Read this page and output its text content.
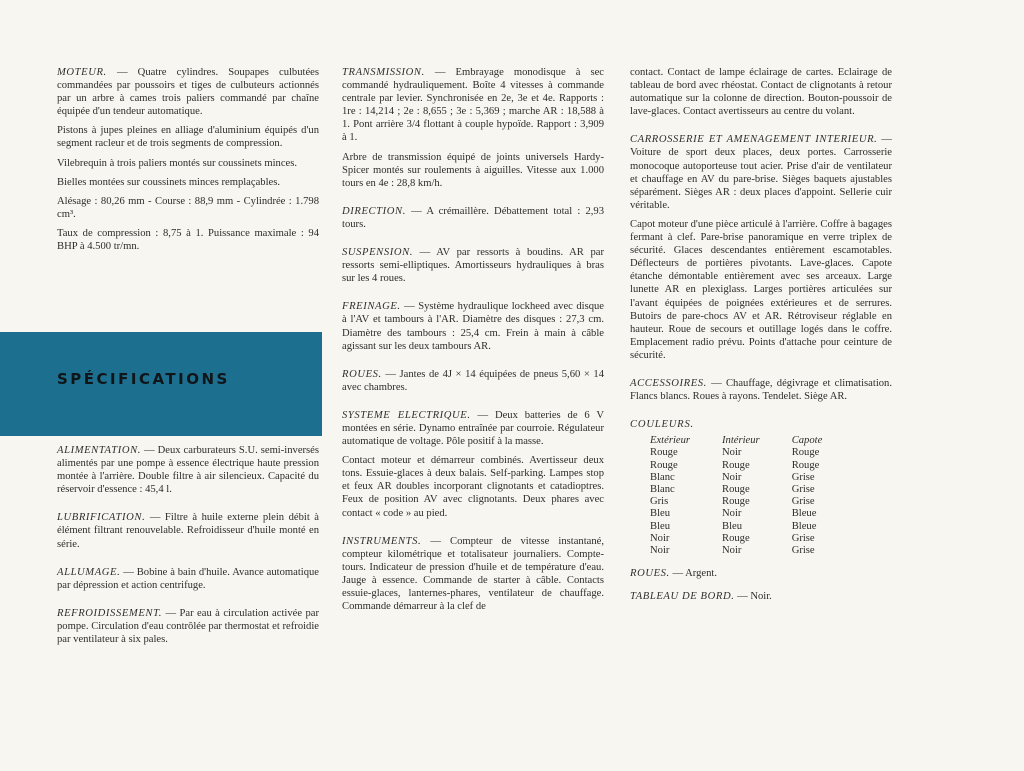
SPÉCIFICATIONS

MOTEUR. — Quatre cylindres. Soupapes culbutées commandées par poussoirs et tiges de culbuteurs actionnés par un arbre à cames trois paliers commandé par chaîne équipée d'un tendeur automatique.

Pistons à jupes pleines en alliage d'aluminium équipés d'un segment racleur et de trois segments de compression.

Vilebrequin à trois paliers montés sur coussinets minces.

Bielles montées sur coussinets minces remplaçables.

Alésage : 80,26 mm - Course : 88,9 mm - Cylindrée : 1.798 cm³.

Taux de compression : 8,75 à 1. Puissance maximale : 94 BHP à 4.500 tr/mn.

ALIMENTATION. — Deux carburateurs S.U. semi-inversés alimentés par une pompe à essence électrique haute pression montée à l'arrière. Double filtre à air silencieux. Capacité du réservoir d'essence : 45,4 l.

LUBRIFICATION. — Filtre à huile externe plein débit à élément filtrant renouvelable. Refroidisseur d'huile monté en série.

ALLUMAGE. — Bobine à bain d'huile. Avance automatique par dépression et action centrifuge.

REFROIDISSEMENT. — Par eau à circulation activée par pompe. Circulation d'eau contrôlée par thermostat et refroidie par ventilateur à six pales.

TRANSMISSION. — Embrayage monodisque à sec commandé hydrauliquement. Boîte 4 vitesses à commande centrale par levier. Synchronisée en 2e, 3e et 4e. Rapports : 1re : 14,214 ; 2e : 8,655 ; 3e : 5,369 ; marche AR : 18,588 à 1. Pont arrière 3/4 flottant à couple hypoïde. Rapport : 3,909 à 1.

Arbre de transmission équipé de joints universels Hardy-Spicer montés sur roulements à aiguilles. Vitesse aux 1.000 tours en 4e : 28,8 km/h.

DIRECTION. — A crémaillère. Débattement total : 2,93 tours.

SUSPENSION. — AV par ressorts à boudins. AR par ressorts semi-elliptiques. Amortisseurs hydrauliques à bras sur les 4 roues.

FREINAGE. — Système hydraulique lockheed avec disque à l'AV et tambours à l'AR. Diamètre des disques : 27,3 cm. Diamètre des tambours : 25,4 cm. Frein à main à câble agissant sur les deux tambours AR.

ROUES. — Jantes de 4J × 14 équipées de pneus 5,60 × 14 avec chambres.

SYSTEME ELECTRIQUE. — Deux batteries de 6 V montées en série. Dynamo entraînée par courroie. Régulateur automatique de voltage. Pôle positif à la masse.

Contact moteur et démarreur combinés. Avertisseur deux tons. Essuie-glaces à deux balais. Self-parking. Lampes stop et feux AR doubles incorporant clignotants et catadioptres. Feux de position AV avec clignotants. Deux phares avec contact « code » au pied.

INSTRUMENTS. — Compteur de vitesse instantané, compteur kilométrique et totalisateur journaliers. Compte-tours. Indicateur de pression d'huile et de température d'eau. Jauge à essence. Commande de starter à câble. Contacts essuie-glaces, lanternes-phares, ventilateur de chauffage. Commande démarreur à la clef de

contact. Contact de lampe éclairage de cartes. Eclairage de tableau de bord avec rhéostat. Contact de clignotants à retour automatique sur la colonne de direction. Bouton-poussoir de lave-glaces. Contact avertisseurs au centre du volant.

CARROSSERIE ET AMENAGEMENT INTERIEUR. — Voiture de sport deux places, deux portes. Carrosserie monocoque autoporteuse tout acier. Prise d'air de ventilateur et chauffage en AV du pare-brise. Sièges baquets ajustables séparément. Sièges AR : deux places d'appoint. Sellerie cuir véritable.

Capot moteur d'une pièce articulé à l'arrière. Coffre à bagages fermant à clef. Pare-brise panoramique en verre triplex de sécurité. Glaces descendantes entièrement escamotables. Déflecteurs de portières pivotants. Lave-glaces. Capote étanche démontable entièrement avec ses arceaux. Large lunette AR en plexiglass. Larges portières articulées sur l'avant équipées de poignées extérieures et de serrures. Butoirs de pare-chocs AV et AR. Rétroviseur réglable en hauteur. Roue de secours et outillage logés dans le coffre. Emplacement radio prévu. Points d'attache pour ceinture de sécurité.

ACCESSOIRES. — Chauffage, dégivrage et climatisation. Flancs blancs. Roues à rayons. Tendelet. Siège AR.

COULEURS.
Extérieur	Intérieur	Capote
Rouge	Noir	Rouge
Rouge	Rouge	Rouge
Blanc	Noir	Grise
Blanc	Rouge	Grise
Gris	Rouge	Grise
Bleu	Noir	Bleue
Bleu	Bleu	Bleue
Noir	Rouge	Grise
Noir	Noir	Grise
ROUES. — Argent.
TABLEAU DE BORD. — Noir.
